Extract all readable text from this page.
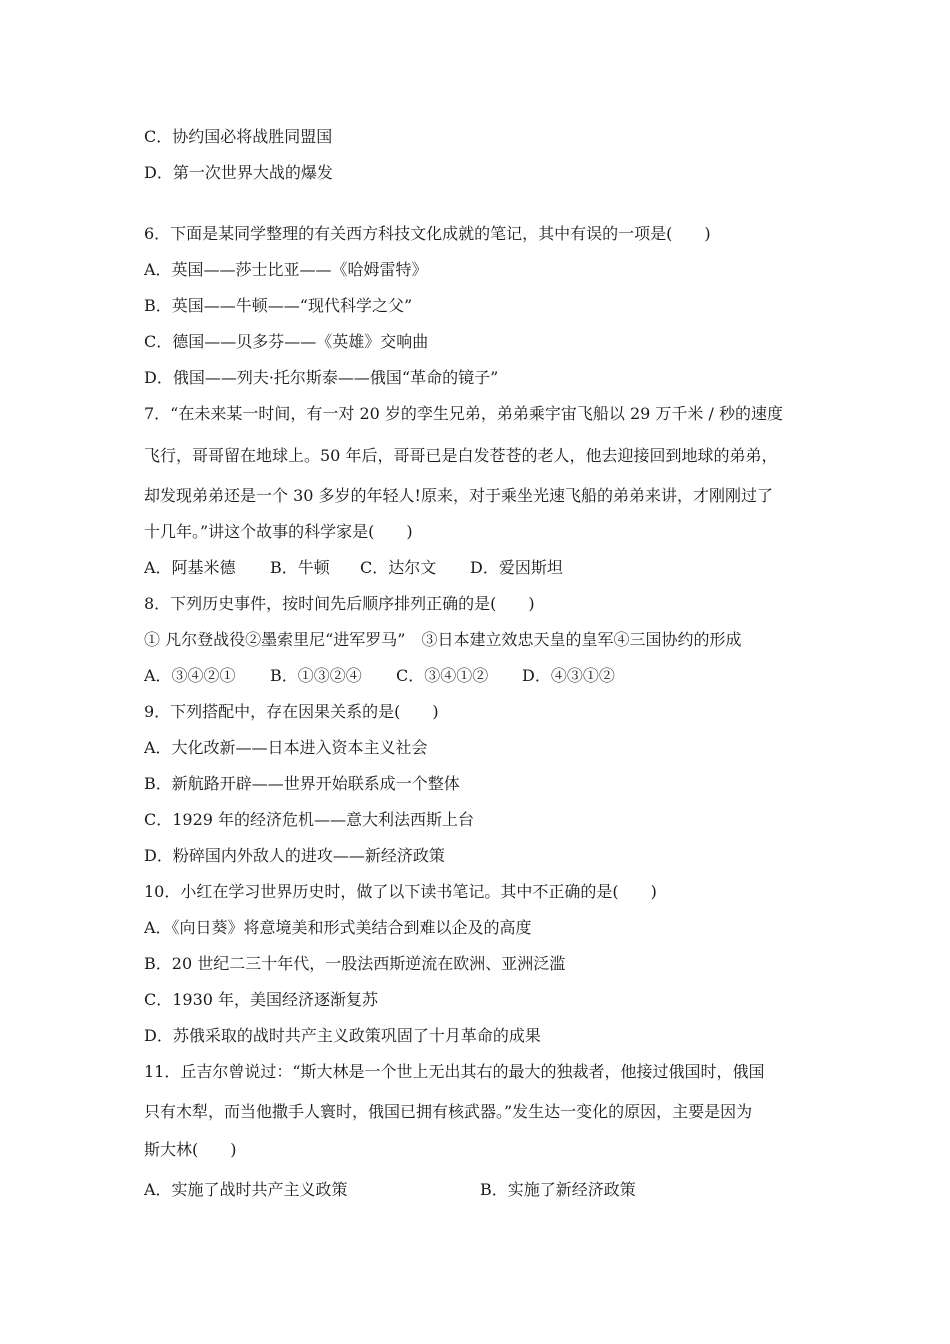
C．协约国必将战胜同盟国
D．第一次世界大战的爆发
6．下面是某同学整理的有关西方科技文化成就的笔记，其中有误的一项是(　　)
A．英国——莎士比亚——《哈姆雷特》
B．英国——牛顿——“现代科学之父”
C．德国——贝多芬——《英雄》交响曲
D．俄国——列夫·托尔斯泰——俄国“革命的镜子”
7．“在未来某一时间，有一对 20 岁的孪生兄弟，弟弟乘宇宙飞船以 29 万千米 / 秒的速度
飞行，哥哥留在地球上。50 年后，哥哥已是白发苍苍的老人，他去迎接回到地球的弟弟，
却发现弟弟还是一个 30 多岁的年轻人!原来，对于乘坐光速飞船的弟弟来讲，才刚刚过了
十几年。”讲这个故事的科学家是(　　)

A．阿基米德

B．牛顿

C．达尔文

D．爱因斯坦

8．下列历史事件，按时间先后顺序排列正确的是(　　)
① 凡尔登战役②墨索里尼“进军罗马”　③日本建立效忠天皇的皇军④三国协约的形成

A．③④②①

B．①③②④

C．③④①②

D．④③①②

9．下列搭配中，存在因果关系的是(　　)
A．大化改新——日本进入资本主义社会
B．新航路开辟——世界开始联系成一个整体
C．1929 年的经济危机——意大利法西斯上台
D．粉碎国内外敌人的进攻——新经济政策
10．小红在学习世界历史时，做了以下读书笔记。其中不正确的是(　　)
A．《向日葵》将意境美和形式美结合到难以企及的高度
B．20 世纪二三十年代，一股法西斯逆流在欧洲、亚洲泛滥
C．1930 年，美国经济逐渐复苏
D．苏俄采取的战时共产主义政策巩固了十月革命的成果
11．丘吉尔曾说过：“斯大林是一个世上无出其右的最大的独裁者，他接过俄国时，俄国
只有木犁，而当他撒手人寰时，俄国已拥有核武器。”发生达一变化的原因，主要是因为
斯大林(　　)

A．实施了战时共产主义政策

	B．实施了新经济政策
